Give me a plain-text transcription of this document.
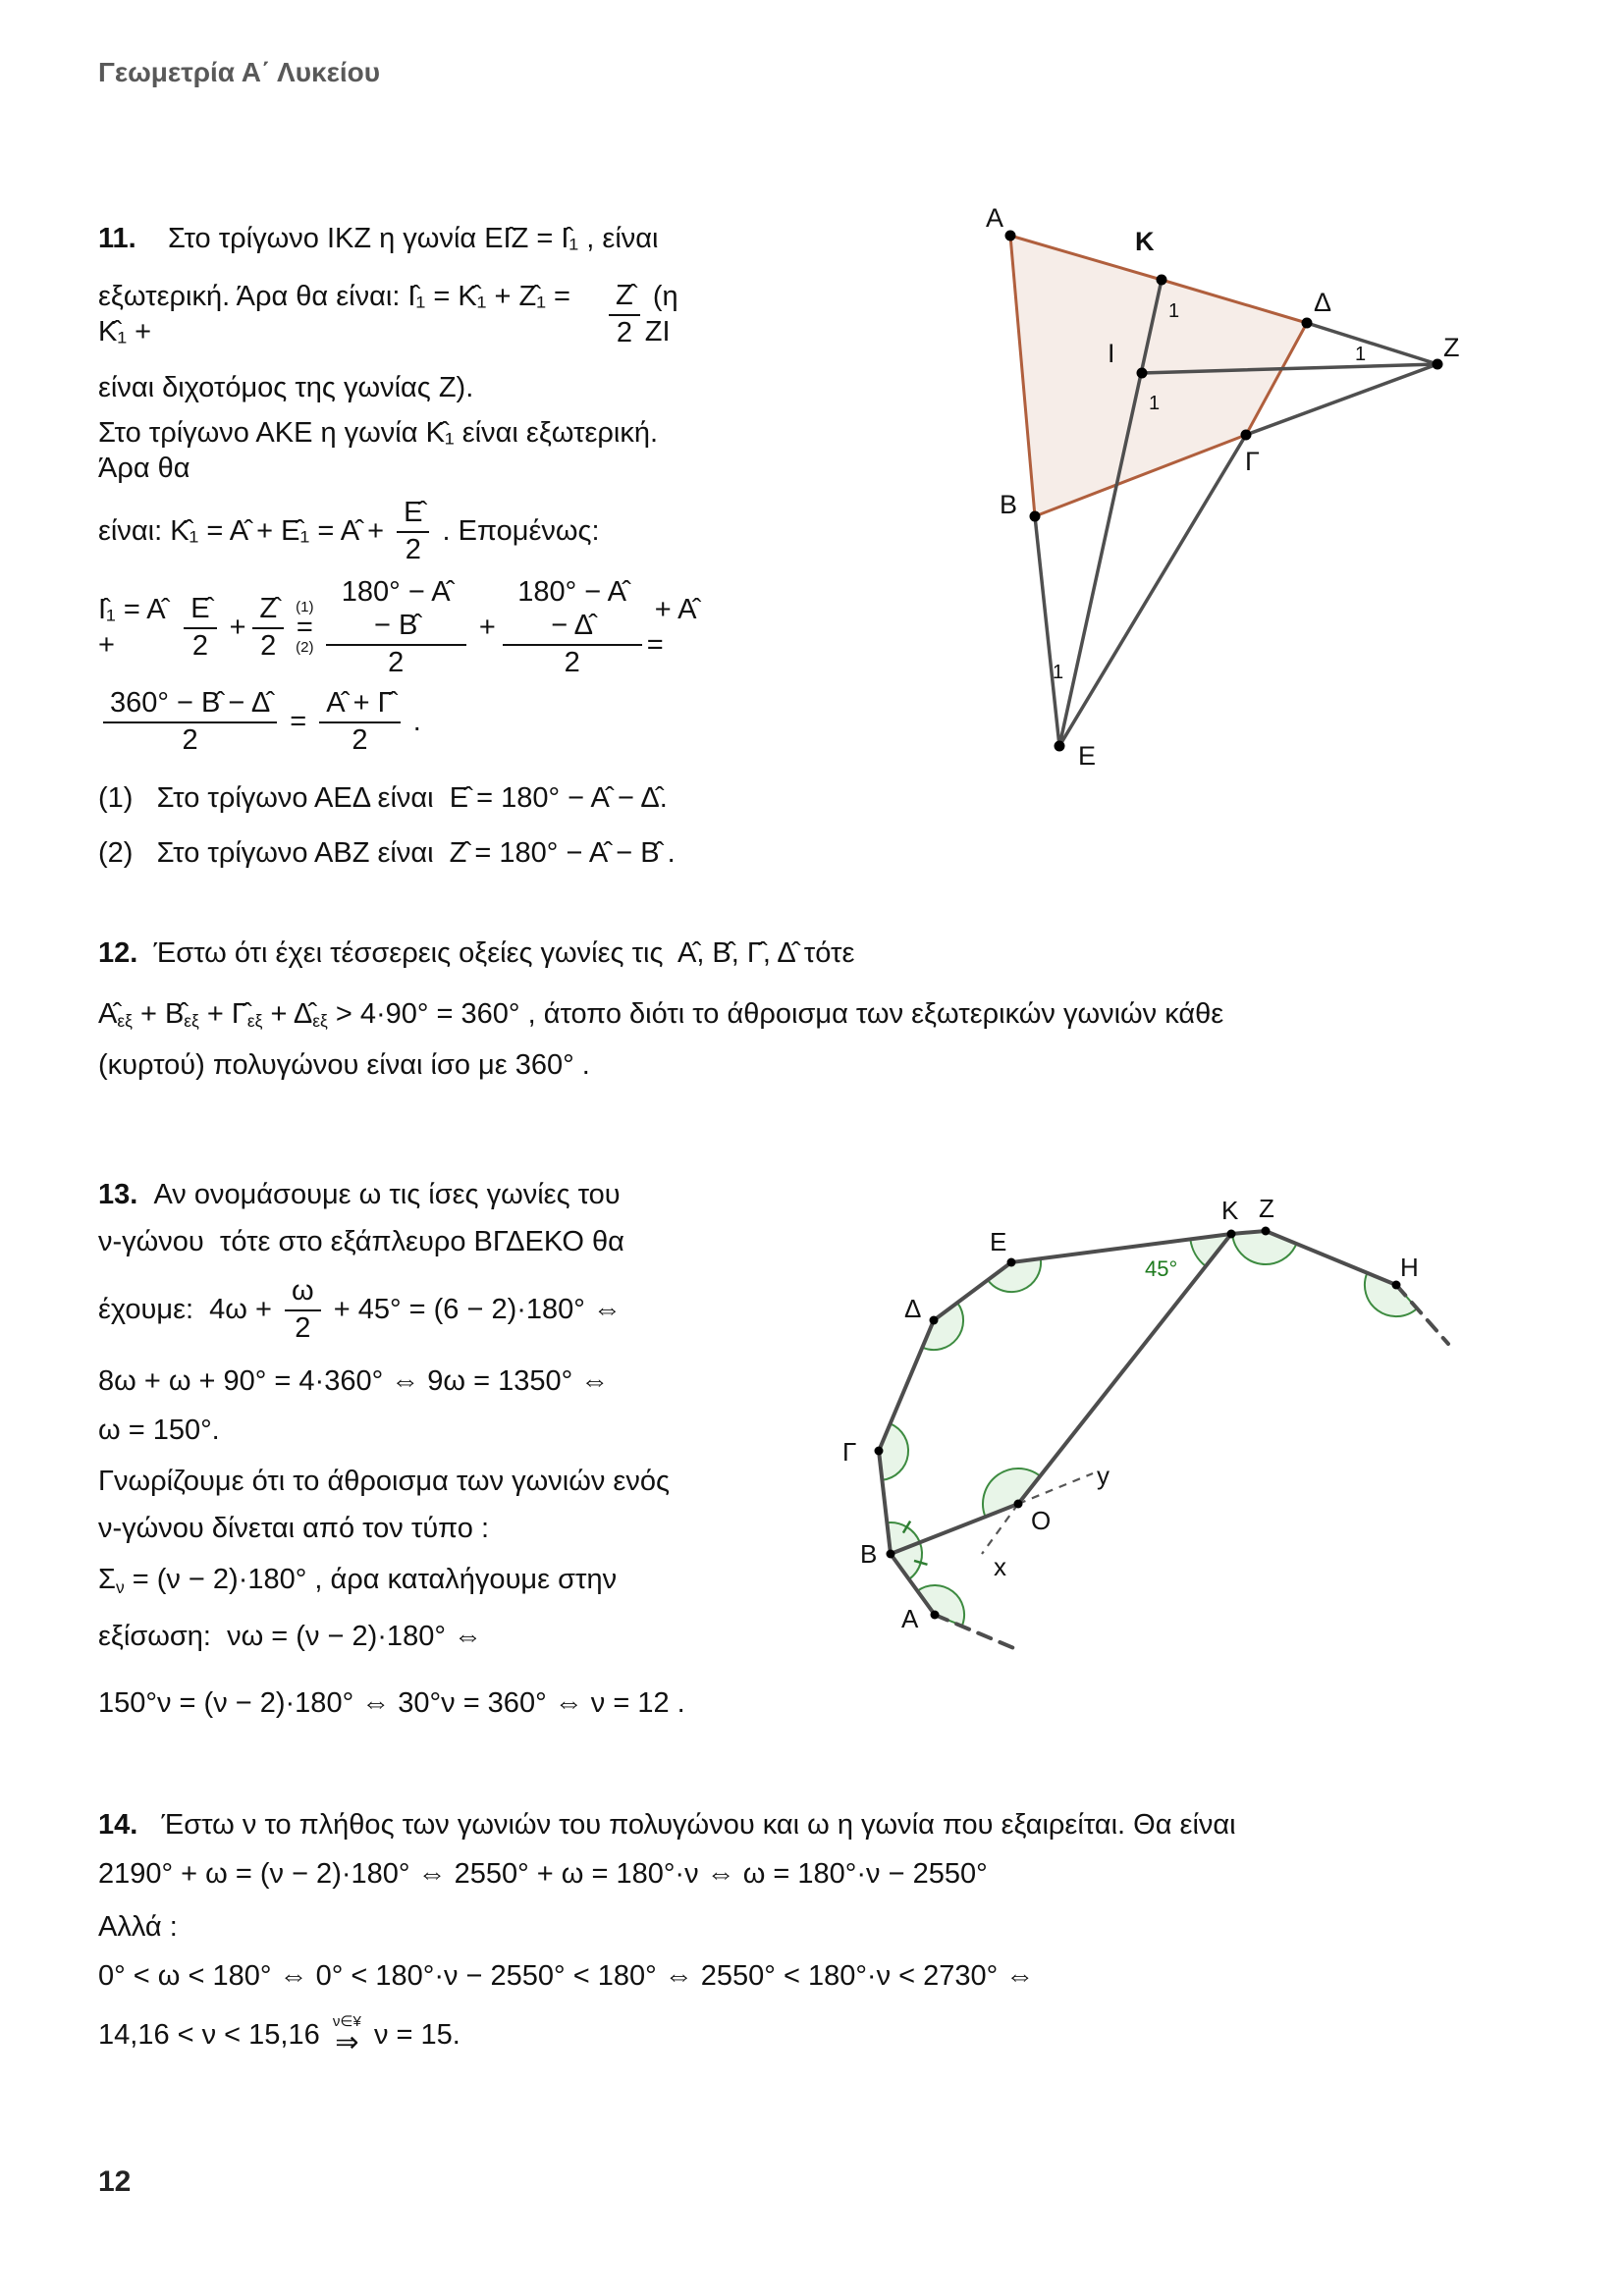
Γεωμετρία Α΄ Λυκείου
11. Στο τρίγωνο ΙΚΖ η γωνία ΕΙ̂Ζ = Ι̂₁ , είναι
εξωτερική. Άρα θα είναι: Ι̂₁ = Κ̂₁ + Ζ̂₁ = Κ̂₁ +	$\frac{Ẑ}{2} (\eta$ ΖΙ
είναι διχοτόμος της γωνίας Ζ).
Στο τρίγωνο ΑΚΕ η γωνία Κ̂₁ είναι εξωτερική. Άρα θα
είναι: Κ̂₁ = Α̂ + Ε̂₁ = Α̂ + $\frac{Ê}{2}$ . Επομένως:
Ι̂₁ = Α̂ +	$\frac{Ê}{2}$ +
$\frac{Ẑ}{2} (1)$
=
$(2) \frac{180^\circ - Â - B̂}{2}$ +
$\frac{180^\circ - Â - \Deltâ}{2}$ + Α̂ =
$\frac{360^\circ - B̂ - \Deltâ}{2} = \frac{Â + \Gammâ}{2}$ .
(1)   Στο τρίγωνο ΑΕΔ είναι  Ε̂ = 180° − Α̂ − Δ̂.
(2)   Στο τρίγωνο ΑΒΖ είναι  Ζ̂ = 180° − Α̂ − Β̂ .
12. Έστω ότι έχει τέσσερεις οξείες γωνίες τις  Α̂, Β̂, Γ̂, Δ̂ τότε
Α̂ εξ + Β̂ εξ + Γ̂ εξ + Δ̂ εξ > 4·90° = 360° , άτοπο διότι το άθροισμα των εξωτερικών γωνιών κάθε
(κυρτού) πολυγώνου είναι ίσο με 360° .
13. Αν ονομάσουμε ω τις ίσες γωνίες του
ν-γώνου  τότε στο εξάπλευρο ΒΓΔΕΚΟ θα
έχουμε:  $4\omega + \frac{\omega}{2} + 45^\circ = (6 - 2)\cdot 180^\circ$ ⇔
8ω + ω + 90° = 4·360° ⇔ 9ω = 1350° ⇔
ω = 150°.
Γνωρίζουμε ότι το άθροισμα των γωνιών ενός
ν-γώνου δίνεται από τον τύπο :
Σ ν = (ν − 2)·180° , άρα καταλήγουμε στην
εξίσωση:  νω = (ν − 2)·180° ⇔
150°ν = (ν − 2)·180° ⇔ 30°ν = 360° ⇔ ν = 12 .
14. Έστω ν το πλήθος των γωνιών του πολυγώνου και ω η γωνία που εξαιρείται. Θα είναι
2190° + ω = (ν − 2)·180° ⇔ 2550° + ω = 180°·ν ⇔ ω = 180°·ν − 2550°
Αλλά :
0° < ω < 180° ⇔ 0° < 180°·ν − 2550° < 180° ⇔ 2550° < 180°·ν < 2730° ⇔
14,16 < ν < 15,16 ν∈¥
⇒ ν = 15.
A
K
Δ
Z
I
Γ
B
E
1
1
1
1
A
B
Γ
Δ
E
K Z
H
O
x
y
45°
12
